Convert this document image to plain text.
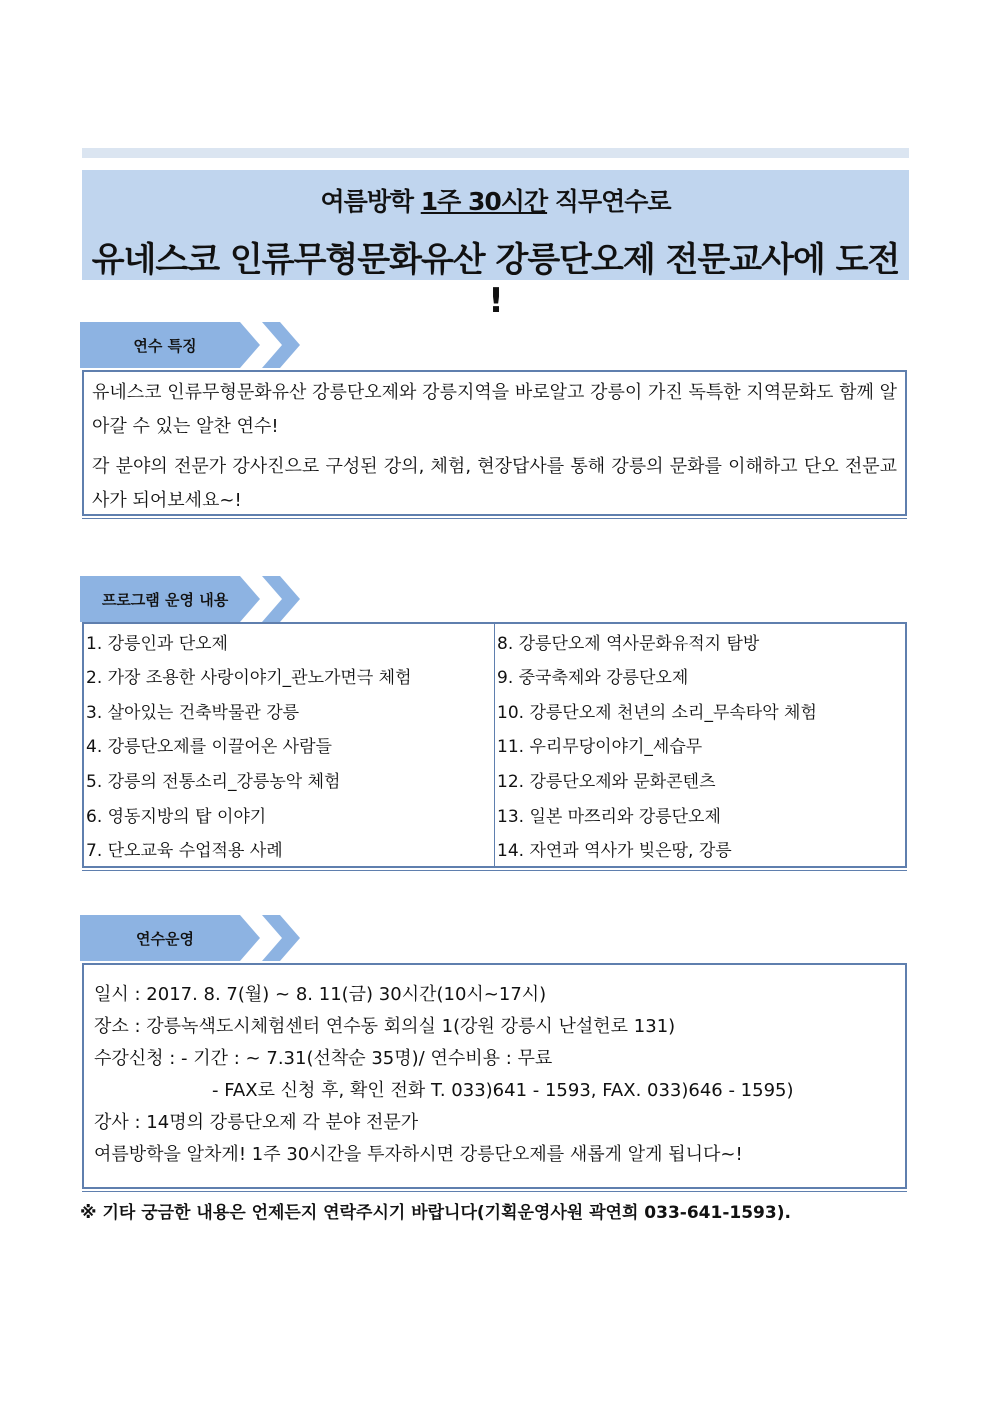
여름방학 1주 30시간 직무연수로
유네스코 인류무형문화유산 강릉단오제 전문교사에 도전 !
연수 특징
유네스코 인류무형문화유산 강릉단오제와 강릉지역을 바로알고 강릉이 가진 독특한 지역문화도 함께 알아갈 수 있는 알찬 연수!
각 분야의 전문가 강사진으로 구성된 강의, 체험, 현장답사를 통해 강릉의 문화를 이해하고 단오 전문교사가 되어보세요~!
프로그램 운영 내용
1. 강릉인과 단오제	8. 강릉단오제 역사문화유적지 탐방
2. 가장 조용한 사랑이야기_관노가면극 체험	9. 중국축제와 강릉단오제
3. 살아있는 건축박물관 강릉	10. 강릉단오제 천년의 소리_무속타악 체험
4. 강릉단오제를 이끌어온 사람들	11. 우리무당이야기_세습무
5. 강릉의 전통소리_강릉농악 체험	12. 강릉단오제와 문화콘텐츠
6. 영동지방의 탑 이야기	13. 일본 마쯔리와 강릉단오제
7. 단오교육 수업적용 사례	14. 자연과 역사가 빚은땅, 강릉
연수운영
일시 : 2017. 8. 7(월) ~ 8. 11(금) 30시간(10시~17시)
장소 : 강릉녹색도시체험센터 연수동 회의실 1(강원 강릉시 난설헌로 131)
수강신청 : - 기간 : ~ 7.31(선착순 35명)/ 연수비용 : 무료
- FAX로 신청 후, 확인 전화 T. 033)641 - 1593, FAX. 033)646 - 1595)
강사 : 14명의 강릉단오제 각 분야 전문가
여름방학을 알차게! 1주 30시간을 투자하시면 강릉단오제를 새롭게 알게 됩니다~!
※ 기타 궁금한 내용은 언제든지 연락주시기 바랍니다(기획운영사원 곽연희 033-641-1593).
